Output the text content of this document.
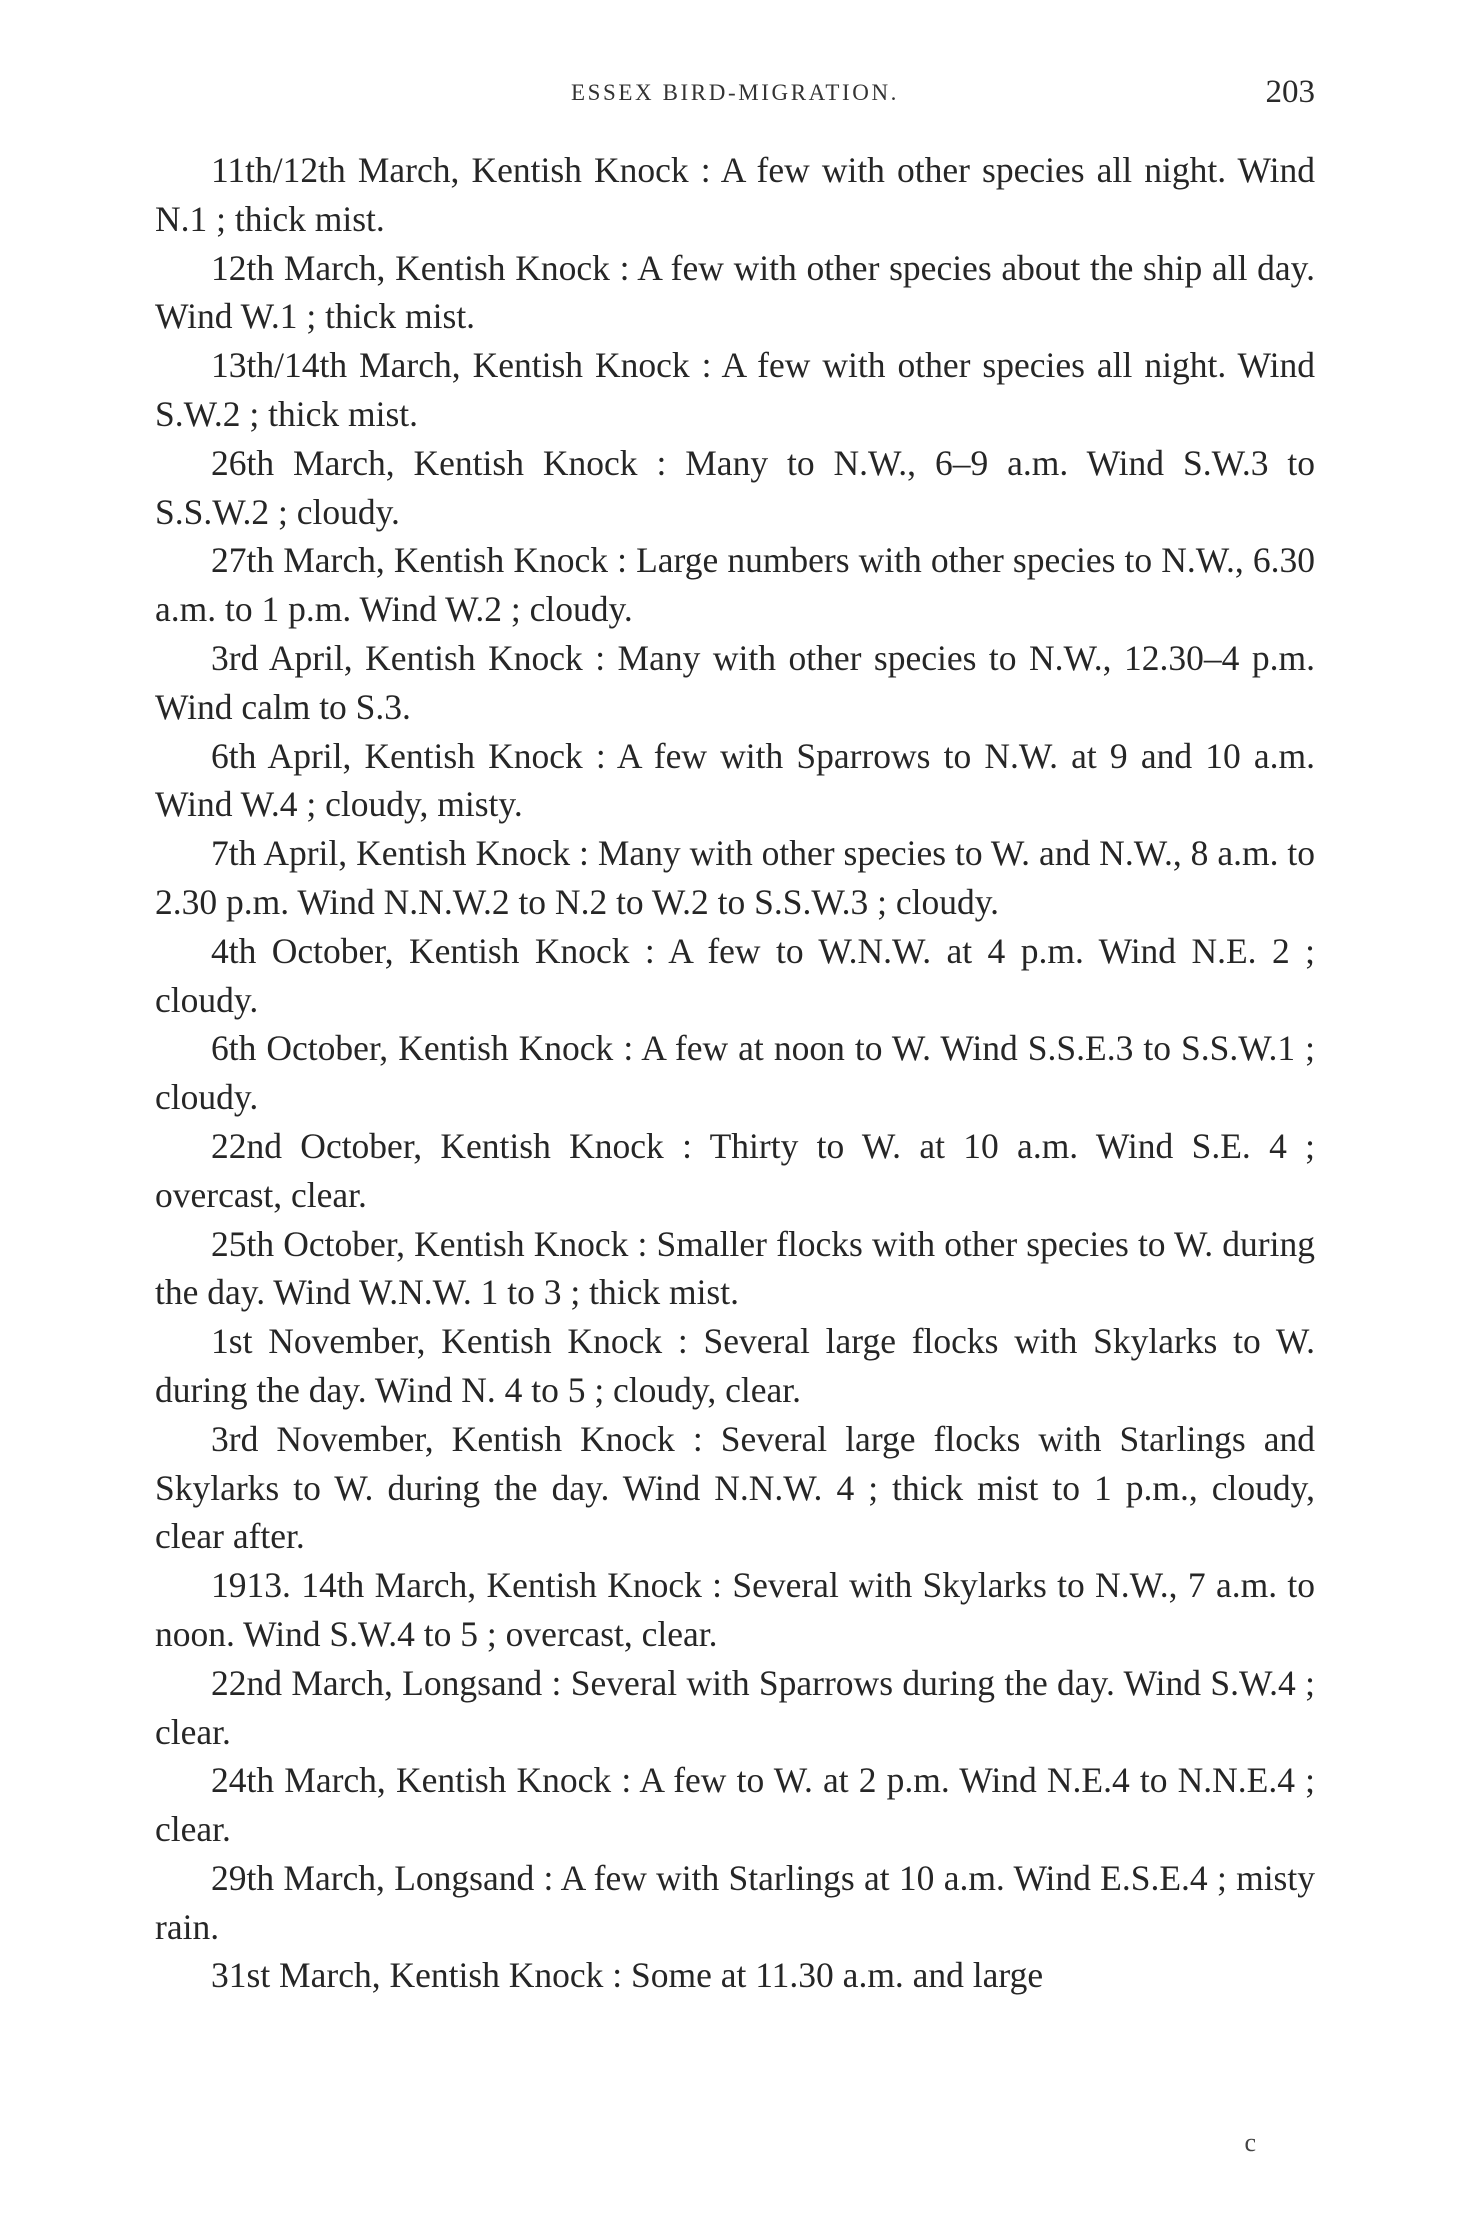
ESSEX BIRD-MIGRATION.	203

11th/12th March, Kentish Knock : A few with other species all night. Wind N.1 ; thick mist.

12th March, Kentish Knock : A few with other species about the ship all day. Wind W.1 ; thick mist.

13th/14th March, Kentish Knock : A few with other species all night. Wind S.W.2 ; thick mist.

26th March, Kentish Knock : Many to N.W., 6–9 a.m. Wind S.W.3 to S.S.W.2 ; cloudy.

27th March, Kentish Knock : Large numbers with other species to N.W., 6.30 a.m. to 1 p.m. Wind W.2 ; cloudy.

3rd April, Kentish Knock : Many with other species to N.W., 12.30–4 p.m. Wind calm to S.3.

6th April, Kentish Knock : A few with Sparrows to N.W. at 9 and 10 a.m. Wind W.4 ; cloudy, misty.

7th April, Kentish Knock : Many with other species to W. and N.W., 8 a.m. to 2.30 p.m. Wind N.N.W.2 to N.2 to W.2 to S.S.W.3 ; cloudy.

4th October, Kentish Knock : A few to W.N.W. at 4 p.m. Wind N.E. 2 ; cloudy.

6th October, Kentish Knock : A few at noon to W. Wind S.S.E.3 to S.S.W.1 ; cloudy.

22nd October, Kentish Knock : Thirty to W. at 10 a.m. Wind S.E. 4 ; overcast, clear.

25th October, Kentish Knock : Smaller flocks with other species to W. during the day. Wind W.N.W. 1 to 3 ; thick mist.

1st November, Kentish Knock : Several large flocks with Skylarks to W. during the day. Wind N. 4 to 5 ; cloudy, clear.

3rd November, Kentish Knock : Several large flocks with Starlings and Skylarks to W. during the day. Wind N.N.W. 4 ; thick mist to 1 p.m., cloudy, clear after.

1913. 14th March, Kentish Knock : Several with Skylarks to N.W., 7 a.m. to noon. Wind S.W.4 to 5 ; overcast, clear.

22nd March, Longsand : Several with Sparrows during the day. Wind S.W.4 ; clear.

24th March, Kentish Knock : A few to W. at 2 p.m. Wind N.E.4 to N.N.E.4 ; clear.

29th March, Longsand : A few with Starlings at 10 a.m. Wind E.S.E.4 ; misty rain.

31st March, Kentish Knock : Some at 11.30 a.m. and large

c
